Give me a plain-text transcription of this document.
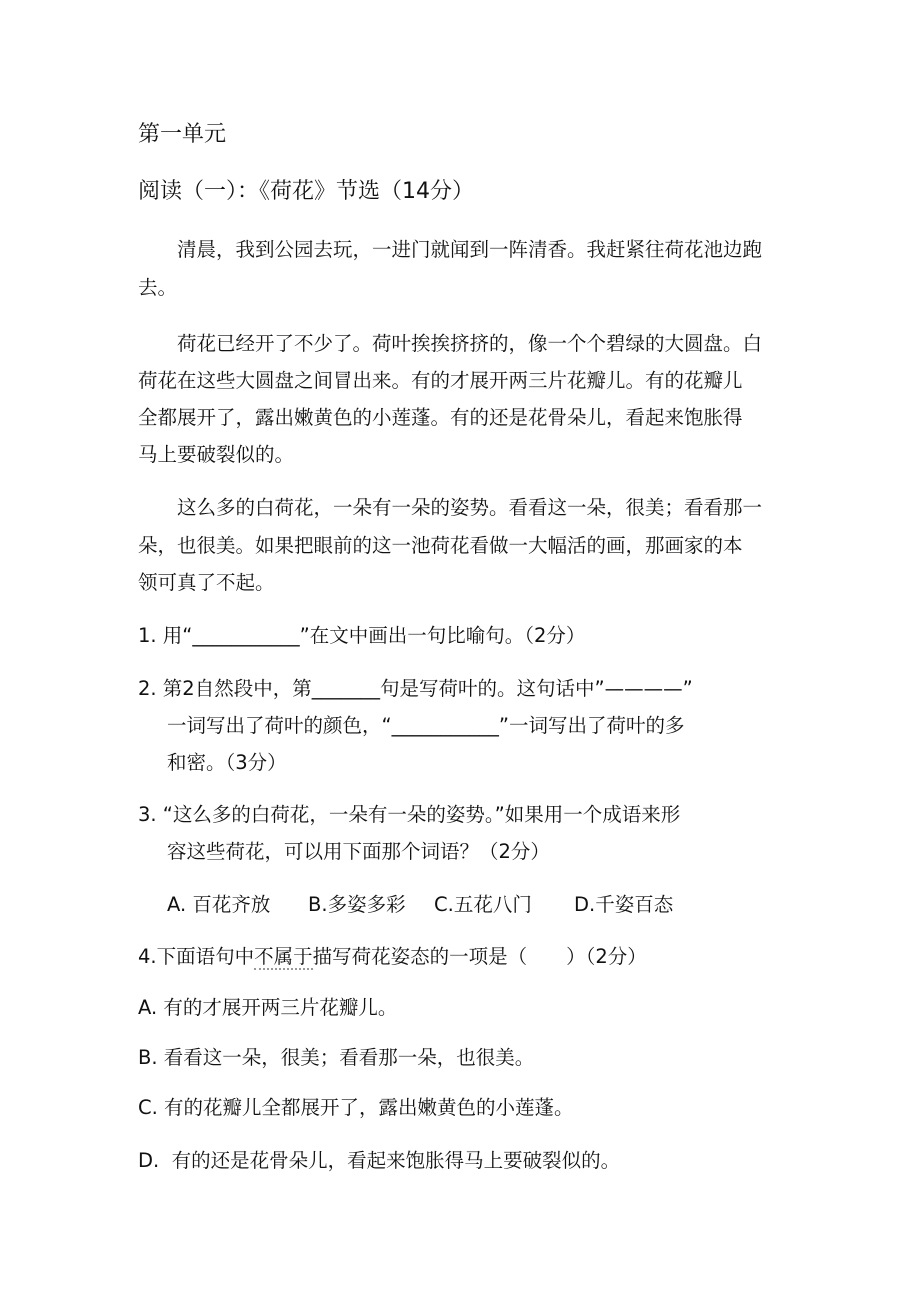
第一单元
阅读（一）：《荷花》节选（14分）
清晨，我到公园去玩，一进门就闻到一阵清香。我赶紧往荷花池边跑
去。
荷花已经开了不少了。荷叶挨挨挤挤的，像一个个碧绿的大圆盘。白
荷花在这些大圆盘之间冒出来。有的才展开两三片花瓣儿。有的花瓣儿
全都展开了，露出嫩黄色的小莲蓬。有的还是花骨朵儿，看起来饱胀得
马上要破裂似的。
这么多的白荷花，一朵有一朵的姿势。看看这一朵，很美；看看那一
朵，也很美。如果把眼前的这一池荷花看做一大幅活的画，那画家的本
领可真了不起。
1. 用“___________”在文中画出一句比喻句。（2分）
2. 第2自然段中，第_______句是写荷叶的。这句话中”————”
一词写出了荷叶的颜色，“___________”一词写出了荷叶的多
和密。（3分）
3. “这么多的白荷花，一朵有一朵的姿势。”如果用一个成语来形
容这些荷花，可以用下面那个词语？（2分）
A. 百花齐放 B.多姿多彩 C.五花八门 D.千姿百态
4.下面语句中不属于描写荷花姿态的一项是（　　）（2分）
A. 有的才展开两三片花瓣儿。
B. 看看这一朵，很美；看看那一朵，也很美。
C. 有的花瓣儿全都展开了，露出嫩黄色的小莲蓬。
D.  有的还是花骨朵儿，看起来饱胀得马上要破裂似的。
